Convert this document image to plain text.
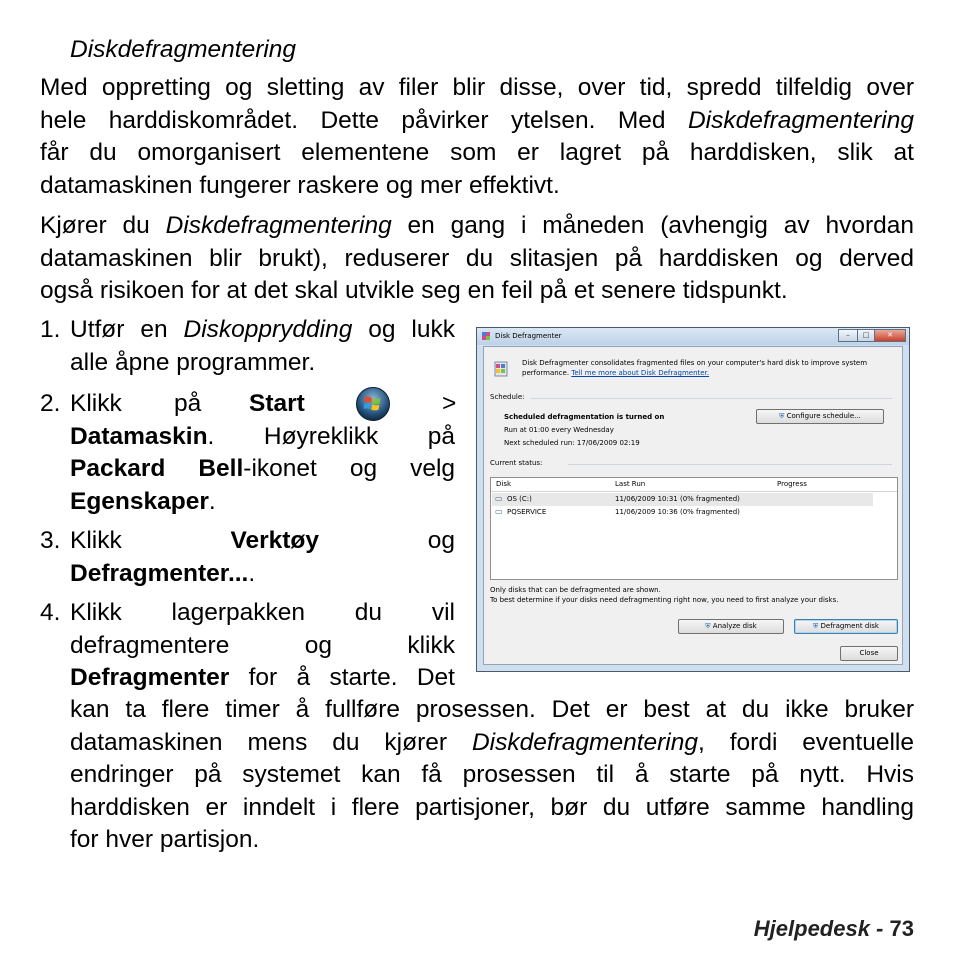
Diskdefragmentering

Med oppretting og sletting av filer blir disse, over tid, spredd tilfeldig over

hele harddiskområdet. Dette påvirker ytelsen. Med Diskdefragmentering

får du omorganisert elementene som er lagret på harddisken, slik at

datamaskinen fungerer raskere og mer effektivt.

Kjører du Diskdefragmentering en gang i måneden (avhengig av hvordan

datamaskinen blir brukt), reduserer du slitasjen på harddisken og derved

også risikoen for at det skal utvikle seg en feil på et senere tidspunkt.

1.
2.
3.
4.

Utfør en Diskopprydding og lukk

alle åpne programmer.

Klikk på Start	>

Datamaskin. Høyreklikk på

Packard Bell-ikonet og velg

Egenskaper.

Klikk	Verktøy	og

Defragmenter....

Klikk lagerpakken du vil

defragmentere og klikk

Defragmenter for å starte. Det

kan ta flere timer å fullføre prosessen. Det er best at du ikke bruker

datamaskinen mens du kjører Diskdefragmentering, fordi eventuelle

endringer på systemet kan få prosessen til å starte på nytt. Hvis

harddisken er inndelt i flere partisjoner, bør du utføre samme handling

for hver partisjon.

Hjelpedesk - 73
Disk Defragmenter	–	□	✕
Disk Defragmenter consolidates fragmented files on your computer's hard disk to improve system
performance. Tell me more about Disk Defragmenter.
Schedule:
Scheduled defragmentation is turned on
Run at 01:00 every Wednesday
Next scheduled run: 17/06/2009 02:19
⛨ Configure schedule...
Current status:
Disk	Last Run	Progress
▭ OS (C:)	11/06/2009 10:31 (0% fragmented)
▭ PQSERVICE	11/06/2009 10:36 (0% fragmented)
Only disks that can be defragmented are shown.
To best determine if your disks need defragmenting right now, you need to first analyze your disks.
⛨ Analyze disk	⛨ Defragment disk
Close
